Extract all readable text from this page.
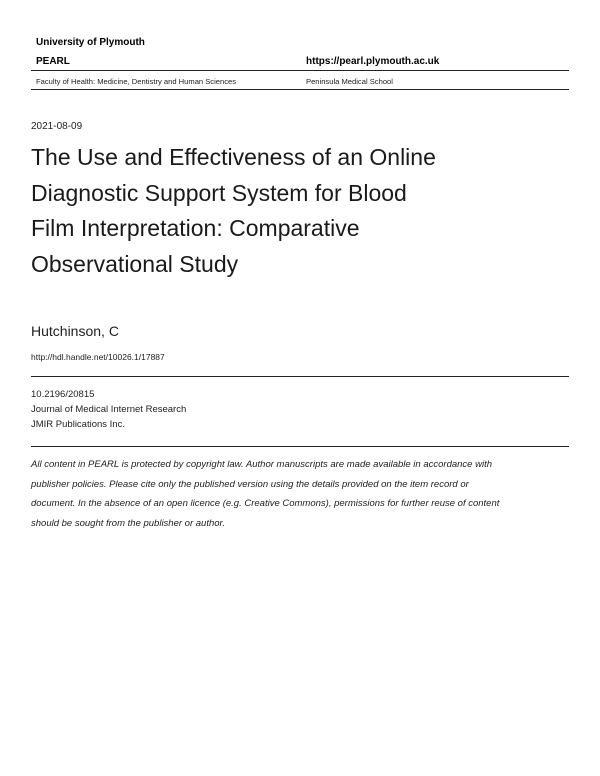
University of Plymouth
PEARL	https://pearl.plymouth.ac.uk
Faculty of Health: Medicine, Dentistry and Human Sciences	Peninsula Medical School
2021-08-09
The Use and Effectiveness of an Online
Diagnostic Support System for Blood
Film Interpretation: Comparative
Observational Study
Hutchinson, C
http://hdl.handle.net/10026.1/17887
10.2196/20815
Journal of Medical Internet Research
JMIR Publications Inc.
All content in PEARL is protected by copyright law. Author manuscripts are made available in accordance with
publisher policies. Please cite only the published version using the details provided on the item record or
document. In the absence of an open licence (e.g. Creative Commons), permissions for further reuse of content
should be sought from the publisher or author.
